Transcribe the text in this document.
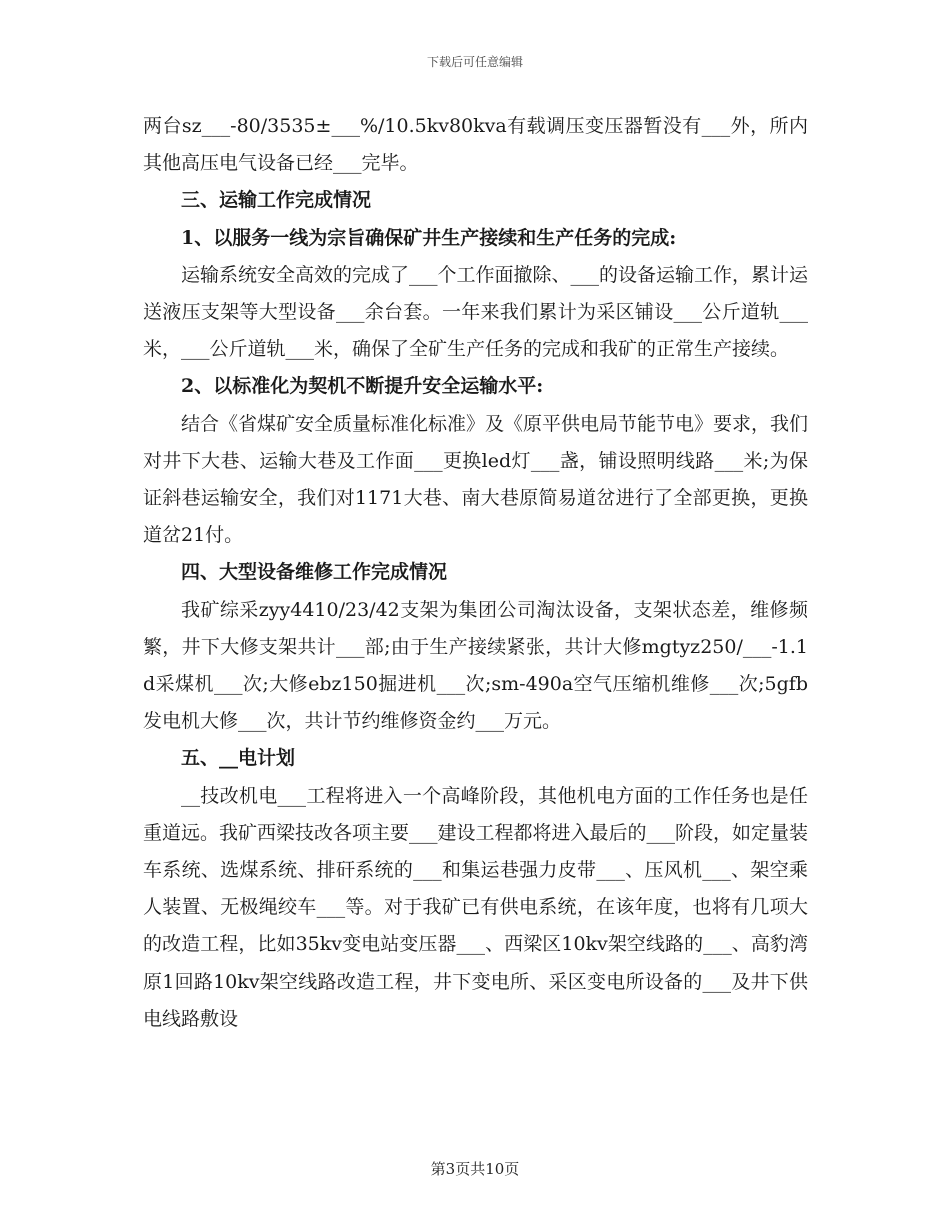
下载后可任意编辑

两台sz___-80/3535±___%/10.5kv80kva有载调压变压器暂没有___外，所内其他高压电气设备已经___完毕。

三、运输工作完成情况

1、以服务一线为宗旨确保矿井生产接续和生产任务的完成:

运输系统安全高效的完成了___个工作面撤除、___的设备运输工作，累计运送液压支架等大型设备___余台套。一年来我们累计为采区铺设___公斤道轨___米，___公斤道轨___米，确保了全矿生产任务的完成和我矿的正常生产接续。

2、以标准化为契机不断提升安全运输水平:

结合《省煤矿安全质量标准化标准》及《原平供电局节能节电》要求，我们对井下大巷、运输大巷及工作面___更换led灯___盏，铺设照明线路___米;为保证斜巷运输安全，我们对1171大巷、南大巷原简易道岔进行了全部更换，更换道岔21付。

四、大型设备维修工作完成情况

我矿综采zyy4410/23/42支架为集团公司淘汰设备，支架状态差，维修频繁，井下大修支架共计___部;由于生产接续紧张，共计大修mgtyz250/___-1.1d采煤机___次;大修ebz150掘进机___次;sm-490a空气压缩机维修___次;5gfb发电机大修___次，共计节约维修资金约___万元。

五、__电计划

__技改机电___工程将进入一个高峰阶段，其他机电方面的工作任务也是任重道远。我矿西梁技改各项主要___建设工程都将进入最后的___阶段，如定量装车系统、选煤系统、排矸系统的___和集运巷强力皮带___、压风机___、架空乘人装置、无极绳绞车___等。对于我矿已有供电系统，在该年度，也将有几项大的改造工程，比如35kv变电站变压器___、西梁区10kv架空线路的___、高豹湾原1回路10kv架空线路改造工程，井下变电所、采区变电所设备的___及井下供电线路敷设

第3页共10页
